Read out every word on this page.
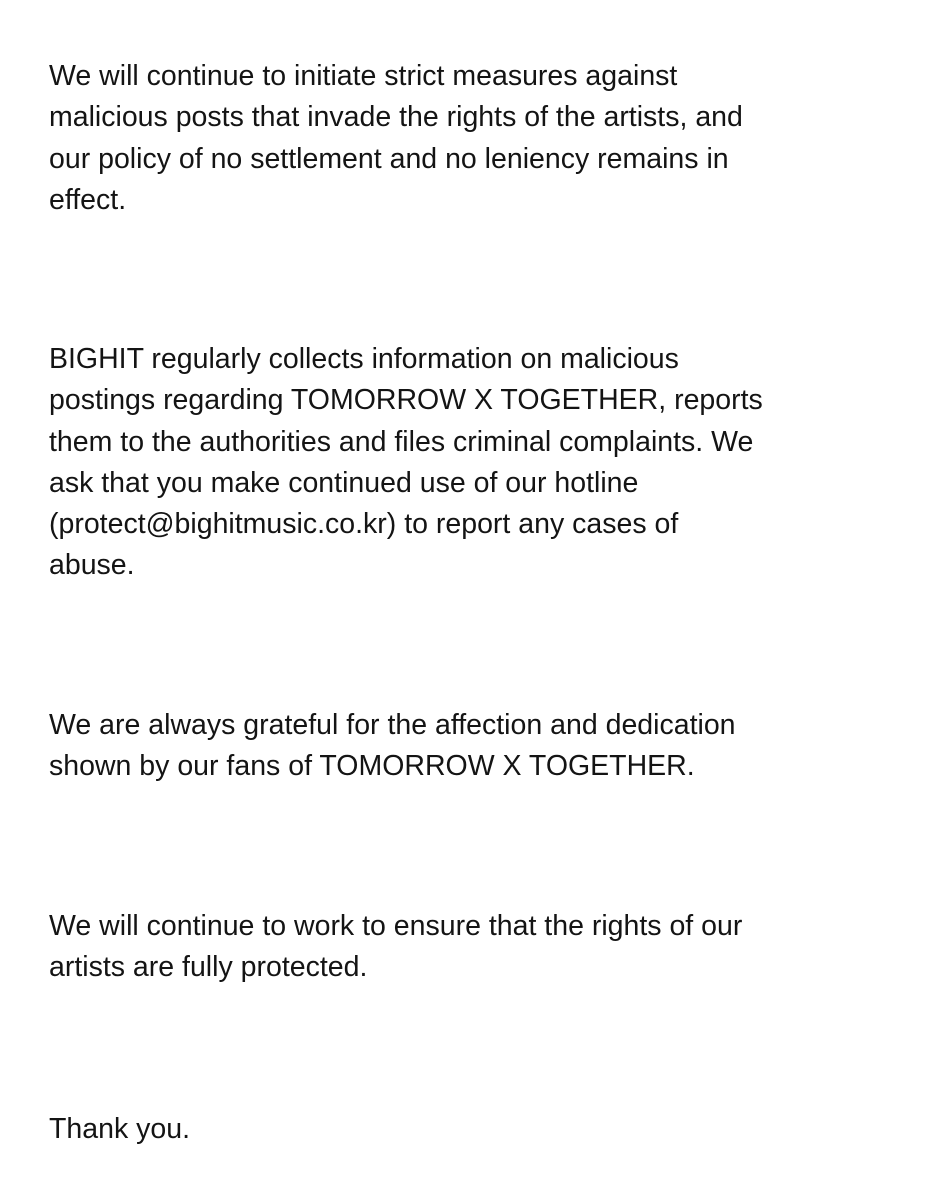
We will continue to initiate strict measures against
malicious posts that invade the rights of the artists, and
our policy of no settlement and no leniency remains in
effect.

BIGHIT regularly collects information on malicious
postings regarding TOMORROW X TOGETHER, reports
them to the authorities and files criminal complaints. We
ask that you make continued use of our hotline
(protect@bighitmusic.co.kr) to report any cases of
abuse.

We are always grateful for the affection and dedication
shown by our fans of TOMORROW X TOGETHER.

We will continue to work to ensure that the rights of our
artists are fully protected.

Thank you.
